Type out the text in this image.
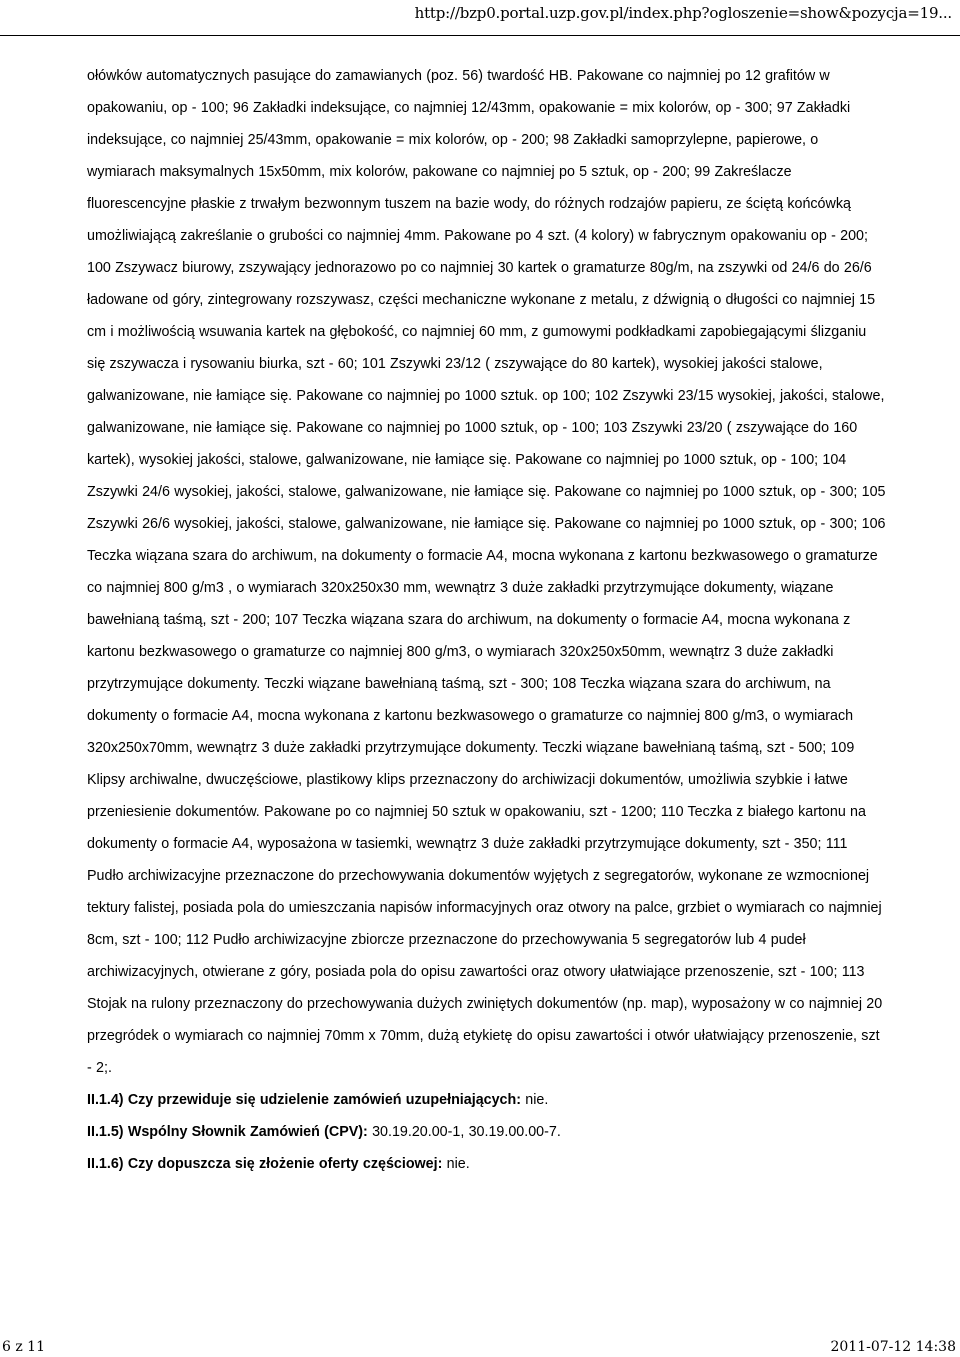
http://bzp0.portal.uzp.gov.pl/index.php?ogloszenie=show&pozycja=19...

ołówków automatycznych pasujące do zamawianych (poz. 56) twardość HB. Pakowane co najmniej po 12 grafitów w opakowaniu, op - 100; 96 Zakładki indeksujące, co najmniej 12/43mm, opakowanie = mix kolorów, op - 300; 97 Zakładki indeksujące, co najmniej 25/43mm, opakowanie = mix kolorów, op - 200; 98 Zakładki samoprzylepne, papierowe, o wymiarach maksymalnych 15x50mm, mix kolorów, pakowane co najmniej po 5 sztuk, op - 200; 99 Zakreślacze fluorescencyjne płaskie z trwałym bezwonnym tuszem na bazie wody, do różnych rodzajów papieru, ze ściętą końcówką umożliwiającą zakreślanie o grubości co najmniej 4mm. Pakowane po 4 szt. (4 kolory) w fabrycznym opakowaniu op - 200; 100 Zszywacz biurowy, zszywający jednorazowo po co najmniej 30 kartek o gramaturze 80g/m, na zszywki od 24/6 do 26/6 ładowane od góry, zintegrowany rozszywasz, części mechaniczne wykonane z metalu, z dźwignią o długości co najmniej 15 cm i możliwością wsuwania kartek na głębokość, co najmniej 60 mm, z gumowymi podkładkami zapobiegającymi ślizganiu się zszywacza i rysowaniu biurka, szt - 60; 101 Zszywki 23/12 ( zszywające do 80 kartek), wysokiej jakości stalowe, galwanizowane, nie łamiące się. Pakowane co najmniej po 1000 sztuk. op 100; 102 Zszywki 23/15 wysokiej, jakości, stalowe, galwanizowane, nie łamiące się. Pakowane co najmniej po 1000 sztuk, op - 100; 103 Zszywki 23/20 ( zszywające do 160 kartek), wysokiej jakości, stalowe, galwanizowane, nie łamiące się. Pakowane co najmniej po 1000 sztuk, op - 100; 104 Zszywki 24/6 wysokiej, jakości, stalowe, galwanizowane, nie łamiące się. Pakowane co najmniej po 1000 sztuk, op - 300; 105 Zszywki 26/6 wysokiej, jakości, stalowe, galwanizowane, nie łamiące się. Pakowane co najmniej po 1000 sztuk, op - 300; 106 Teczka wiązana szara do archiwum, na dokumenty o formacie A4, mocna wykonana z kartonu bezkwasowego o gramaturze co najmniej 800 g/m3 , o wymiarach 320x250x30 mm, wewnątrz 3 duże zakładki przytrzymujące dokumenty, wiązane bawełnianą taśmą, szt - 200; 107 Teczka wiązana szara do archiwum, na dokumenty o formacie A4, mocna wykonana z kartonu bezkwasowego o gramaturze co najmniej 800 g/m3, o wymiarach 320x250x50mm, wewnątrz 3 duże zakładki przytrzymujące dokumenty. Teczki wiązane bawełnianą taśmą, szt - 300; 108 Teczka wiązana szara do archiwum, na dokumenty o formacie A4, mocna wykonana z kartonu bezkwasowego o gramaturze co najmniej 800 g/m3, o wymiarach 320x250x70mm, wewnątrz 3 duże zakładki przytrzymujące dokumenty. Teczki wiązane bawełnianą taśmą, szt - 500; 109 Klipsy archiwalne, dwuczęściowe, plastikowy klips przeznaczony do archiwizacji dokumentów, umożliwia szybkie i łatwe przeniesienie dokumentów. Pakowane po co najmniej 50 sztuk w opakowaniu, szt - 1200; 110 Teczka z białego kartonu na dokumenty o formacie A4, wyposażona w tasiemki, wewnątrz 3 duże zakładki przytrzymujące dokumenty, szt - 350; 111 Pudło archiwizacyjne przeznaczone do przechowywania dokumentów wyjętych z segregatorów, wykonane ze wzmocnionej tektury falistej, posiada pola do umieszczania napisów informacyjnych oraz otwory na palce, grzbiet o wymiarach co najmniej 8cm, szt - 100; 112 Pudło archiwizacyjne zbiorcze przeznaczone do przechowywania 5 segregatorów lub 4 pudeł archiwizacyjnych, otwierane z góry, posiada pola do opisu zawartości oraz otwory ułatwiające przenoszenie, szt - 100; 113 Stojak na rulony przeznaczony do przechowywania dużych zwiniętych dokumentów (np. map), wyposażony w co najmniej 20 przegródek o wymiarach co najmniej 70mm x 70mm, dużą etykietę do opisu zawartości i otwór ułatwiający przenoszenie, szt - 2;.

II.1.4) Czy przewiduje się udzielenie zamówień uzupełniających: nie.

II.1.5) Wspólny Słownik Zamówień (CPV): 30.19.20.00-1, 30.19.00.00-7.

II.1.6) Czy dopuszcza się złożenie oferty częściowej: nie.

6 z 11	2011-07-12 14:38
